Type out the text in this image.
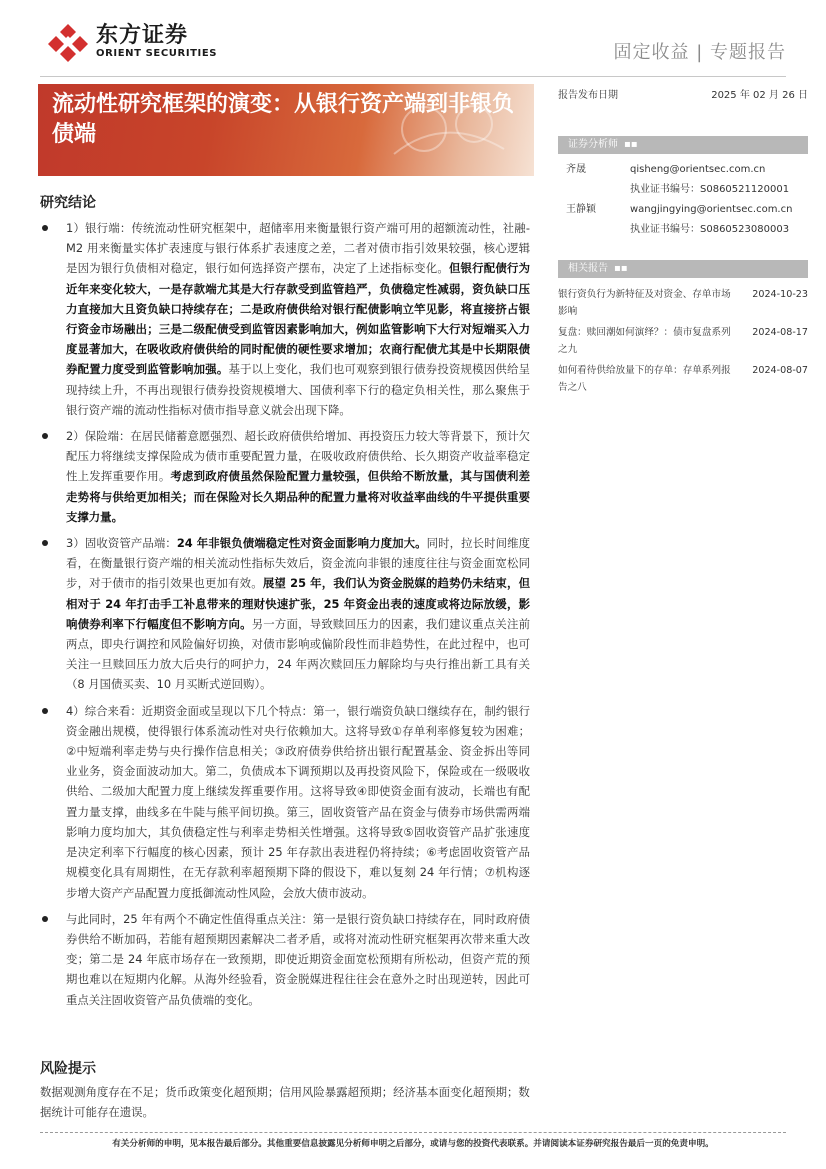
东方证券
ORIENT SECURITIES	固定收益 | 专题报告
流动性研究框架的演变：从银行资产端到非银负债端
研究结论
1）银行端：传统流动性研究框架中，超储率用来衡量银行资产端可用的超额流动性，社融-M2 用来衡量实体扩表速度与银行体系扩表速度之差，二者对债市指引效果较强，核心逻辑是因为银行负债相对稳定，银行如何选择资产摆布，决定了上述指标变化。但银行配债行为近年来变化较大，一是存款端尤其是大行存款受到监管趋严，负债稳定性减弱，资负缺口压力直接加大且资负缺口持续存在；二是政府债供给对银行配债影响立竿见影，将直接挤占银行资金市场融出；三是二级配债受到监管因素影响加大，例如监管影响下大行对短端买入力度显著加大，在吸收政府债供给的同时配债的硬性要求增加；农商行配债尤其是中长期限债券配置力度受到监管影响加强。基于以上变化，我们也可观察到银行债券投资规模因供给呈现持续上升，不再出现银行债券投资规模增大、国债利率下行的稳定负相关性，那么聚焦于银行资产端的流动性指标对债市指导意义就会出现下降。
2）保险端：在居民储蓄意愿强烈、超长政府债供给增加、再投资压力较大等背景下，预计欠配压力将继续支撑保险成为债市重要配置力量，在吸收政府债供给、长久期资产收益率稳定性上发挥重要作用。考虑到政府债虽然保险配置力量较强，但供给不断放量，其与国债利差走势将与供给更加相关；而在保险对长久期品种的配置力量将对收益率曲线的牛平提供重要支撑力量。
3）固收资管产品端：24 年非银负债端稳定性对资金面影响力度加大。同时，拉长时间维度看，在衡量银行资产端的相关流动性指标失效后，资金流向非银的速度往往与资金面宽松同步，对于债市的指引效果也更加有效。展望 25 年，我们认为资金脱媒的趋势仍未结束，但相对于 24 年打击手工补息带来的理财快速扩张，25 年资金出表的速度或将边际放缓，影响债券利率下行幅度但不影响方向。另一方面，导致赎回压力的因素，我们建议重点关注前两点，即央行调控和风险偏好切换，对债市影响或偏阶段性而非趋势性，在此过程中，也可关注一旦赎回压力放大后央行的呵护力，24 年两次赎回压力解除均与央行推出新工具有关（8 月国债买卖、10 月买断式逆回购）。
4）综合来看：近期资金面或呈现以下几个特点：第一，银行端资负缺口继续存在，制约银行资金融出规模，使得银行体系流动性对央行依赖加大。这将导致①存单利率修复较为困难；②中短端利率走势与央行操作信息相关；③政府债券供给挤出银行配置基金、资金拆出等同业业务，资金面波动加大。第二，负债成本下调预期以及再投资风险下，保险或在一级吸收供给、二级加大配置力度上继续发挥重要作用。这将导致④即使资金面有波动，长端也有配置力量支撑，曲线多在牛陡与熊平间切换。第三，固收资管产品在资金与债券市场供需两端影响力度均加大，其负债稳定性与利率走势相关性增强。这将导致⑤固收资管产品扩张速度是决定利率下行幅度的核心因素，预计 25 年存款出表进程仍将持续；⑥考虑固收资管产品规模变化具有周期性，在无存款利率超预期下降的假设下，难以复刻 24 年行情；⑦机构逐步增大资产产品配置力度抵御流动性风险，会放大债市波动。
与此同时，25 年有两个不确定性值得重点关注：第一是银行资负缺口持续存在，同时政府债券供给不断加码，若能有超预期因素解决二者矛盾，或将对流动性研究框架再次带来重大改变；第二是 24 年底市场存在一致预期，即使近期资金面宽松预期有所松动，但资产荒的预期也难以在短期内化解。从海外经验看，资金脱媒进程往往会在意外之时出现逆转，因此可重点关注固收资管产品负债端的变化。
风险提示
数据观测角度存在不足；货币政策变化超预期；信用风险暴露超预期；经济基本面变化超预期；数据统计可能存在遗误。
报告发布日期	2025 年 02 月 26 日
证券分析师 ▪▪
齐晟	qisheng@orientsec.com.cn
执业证书编号：S0860521120001
王静颖	wangjingying@orientsec.com.cn
执业证书编号：S0860523080003
相关报告 ▪▪
银行资负行为新特征及对资金、存单市场影响
2024-10-23
复盘：赎回潮如何演绎？：债市复盘系列之九
2024-08-17
如何看待供给放量下的存单：存单系列报告之八
2024-08-07
有关分析师的申明，见本报告最后部分。其他重要信息披露见分析师申明之后部分，或请与您的投资代表联系。并请阅读本证券研究报告最后一页的免责申明。
